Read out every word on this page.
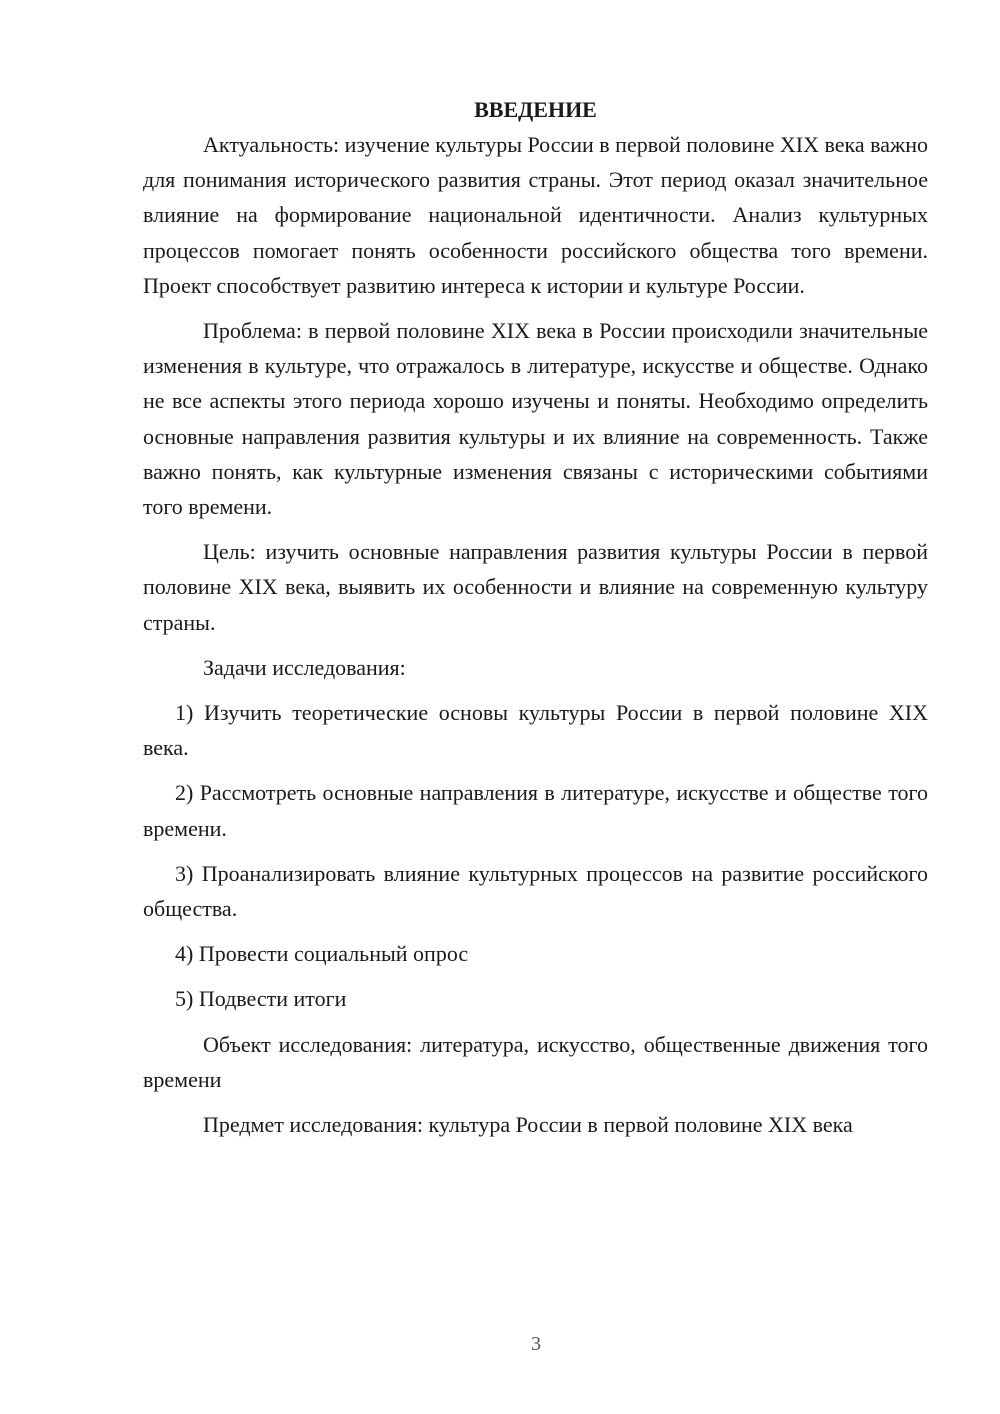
ВВЕДЕНИЕ

Актуальность: изучение культуры России в первой половине XIX века важно для понимания исторического развития страны. Этот период оказал значительное влияние на формирование национальной идентичности. Анализ культурных процессов помогает понять особенности российского общества того времени. Проект способствует развитию интереса к истории и культуре России.

Проблема: в первой половине XIX века в России происходили значительные изменения в культуре, что отражалось в литературе, искусстве и обществе. Однако не все аспекты этого периода хорошо изучены и поняты. Необходимо определить основные направления развития культуры и их влияние на современность. Также важно понять, как культурные изменения связаны с историческими событиями того времени.

Цель: изучить основные направления развития культуры России в первой половине XIX века, выявить их особенности и влияние на современную культуру страны.

Задачи исследования:

1) Изучить теоретические основы культуры России в первой половине XIX века.

2) Рассмотреть основные направления в литературе, искусстве и обществе того времени.

3) Проанализировать влияние культурных процессов на развитие российского общества.

4) Провести социальный опрос

5) Подвести итоги

Объект исследования: литература, искусство, общественные движения того времени

Предмет исследования: культура России в первой половине XIX века

3
